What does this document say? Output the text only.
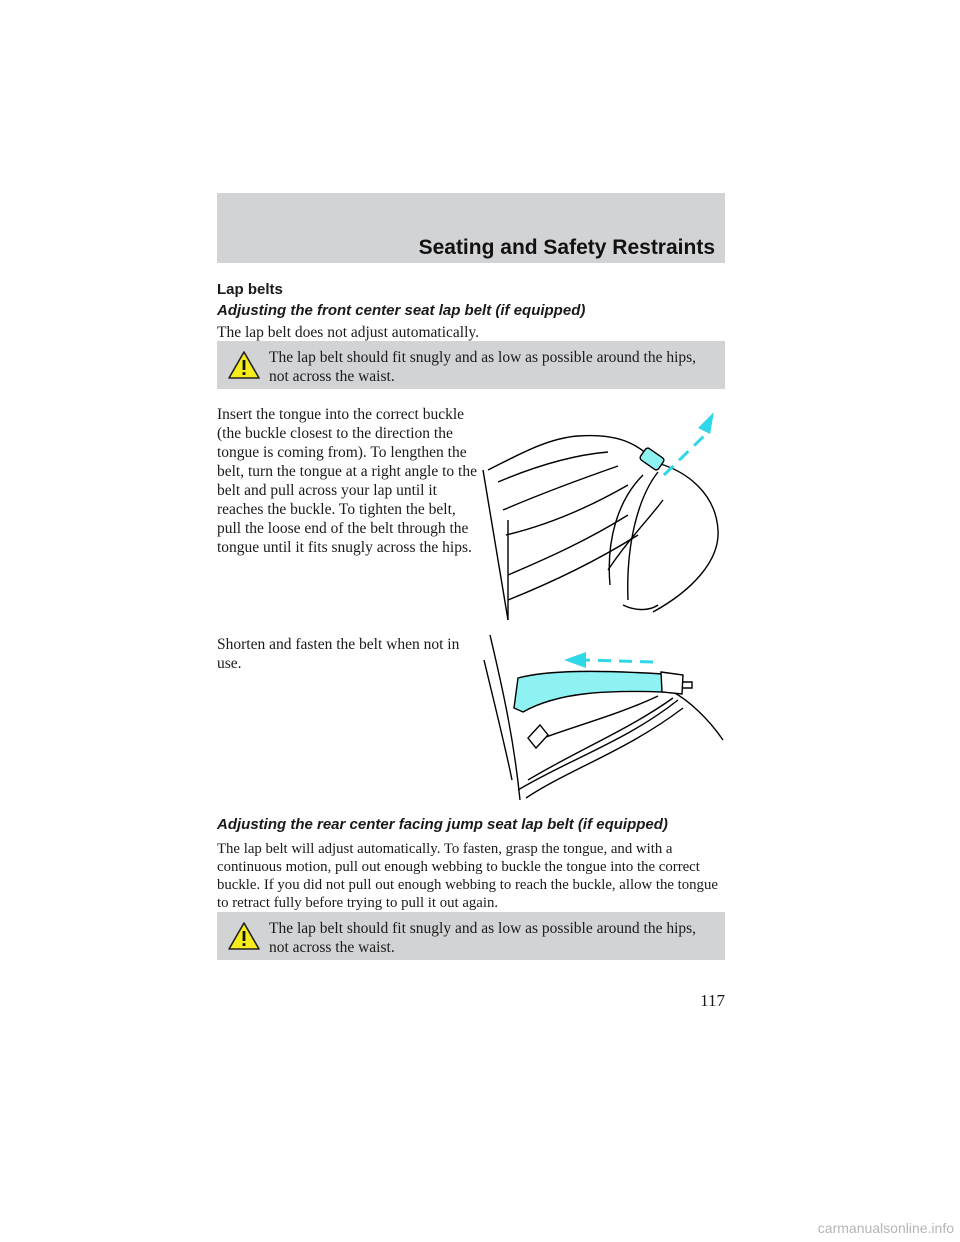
Seating and Safety Restraints
Lap belts
Adjusting the front center seat lap belt (if equipped)

The lap belt does not adjust automatically.

The lap belt should fit snugly and as low as possible around the hips, not across the waist.

Insert the tongue into the correct buckle (the buckle closest to the direction the tongue is coming from). To lengthen the belt, turn the tongue at a right angle to the belt and pull across your lap until it reaches the buckle. To tighten the belt, pull the loose end of the belt through the tongue until it fits snugly across the hips.

Shorten and fasten the belt when not in use.

Adjusting the rear center facing jump seat lap belt (if equipped)

The lap belt will adjust automatically. To fasten, grasp the tongue, and with a continuous motion, pull out enough webbing to buckle the tongue into the correct buckle. If you did not pull out enough webbing to reach the buckle, allow the tongue to retract fully before trying to pull it out again.

The lap belt should fit snugly and as low as possible around the hips, not across the waist.
117
carmanualsonline.info
